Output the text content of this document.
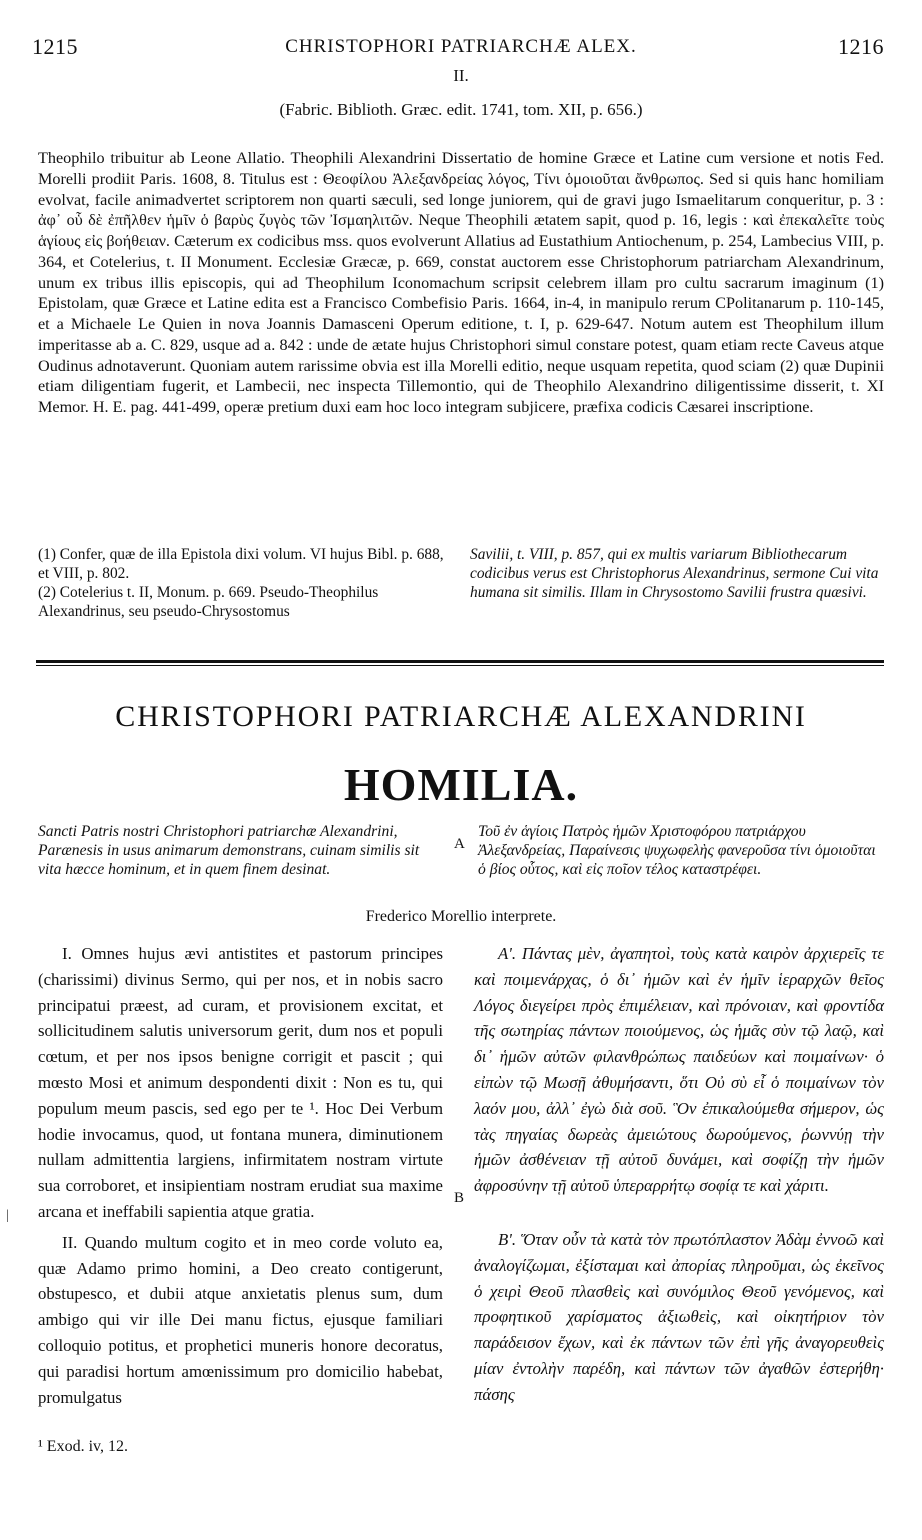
1215	CHRISTOPHORI PATRIARCHÆ ALEX.	1216
II.
(Fabric. Biblioth. Græc. edit. 1741, tom. XII, p. 656.)
Theophilo tribuitur ab Leone Allatio. Theophili Alexandrini Dissertatio de homine Græce et Latine cum versione et notis Fed. Morelli prodiit Paris. 1608, 8. Titulus est : Θεοφίλου Ἀλεξανδρείας λόγος, Τίνι ὁμοιοῦται ἄνθρωπος. Sed si quis hanc homiliam evolvat, facile animadvertet scriptorem non quarti sæculi, sed longe juniorem, qui de gravi jugo Ismaelitarum conqueritur, p. 3 : ἀφ᾽ οὗ δὲ ἐπῆλθεν ἡμῖν ὁ βαρὺς ζυγὸς τῶν Ἰσμαηλιτῶν. Neque Theophili ætatem sapit, quod p. 16, legis : καὶ ἐπεκαλεῖτε τοὺς ἁγίους εἰς βοήθειαν. Cæterum ex codicibus mss. quos evolverunt Allatius ad Eustathium Antiochenum, p. 254, Lambecius VIII, p. 364, et Cotelerius, t. II Monument. Ecclesiæ Græcæ, p. 669, constat auctorem esse Christophorum patriarcham Alexandrinum, unum ex tribus illis episcopis, qui ad Theophilum Iconomachum scripsit celebrem illam pro cultu sacrarum imaginum (1) Epistolam, quæ Græce et Latine edita est a Francisco Combefisio Paris. 1664, in-4, in manipulo rerum CPolitanarum p. 110-145, et a Michaele Le Quien in nova Joannis Damasceni Operum editione, t. I, p. 629-647. Notum autem est Theophilum illum imperitasse ab a. C. 829, usque ad a. 842 : unde de ætate hujus Christophori simul constare potest, quam etiam recte Caveus atque Oudinus adnotaverunt. Quoniam autem rarissime obvia est illa Morelli editio, neque usquam repetita, quod sciam (2) quæ Dupinii etiam diligentiam fugerit, et Lambecii, nec inspecta Tillemontio, qui de Theophilo Alexandrino diligentissime disserit, t. XI Memor. H. E. pag. 441-499, operæ pretium duxi eam hoc loco integram subjicere, præfixa codicis Cæsarei inscriptione.
(1) Confer, quæ de illa Epistola dixi volum. VI hujus Bibl. p. 688, et VIII, p. 802.
(2) Cotelerius t. II, Monum. p. 669. Pseudo-Theophilus Alexandrinus, seu pseudo-Chrysostomus
Savilii, t. VIII, p. 857, qui ex multis variarum Bibliothecarum codicibus verus est Christophorus Alexandrinus, sermone Cui vita humana sit similis. Illam in Chrysostomo Savilii frustra quæsivi.
CHRISTOPHORI PATRIARCHÆ ALEXANDRINI
HOMILIA.
Sancti Patris nostri Christophori patriarchæ Alexandrini, Parænesis in usus animarum demonstrans, cuinam similis sit vita hæcce hominum, et in quem finem desinat.
A
Τοῦ ἐν ἁγίοις Πατρὸς ἡμῶν Χριστοφόρου πατριάρχου Ἀλεξανδρείας, Παραίνεσις ψυχωφελὴς φανεροῦσα τίνι ὁμοιοῦται ὁ βίος οὗτος, καὶ εἰς ποῖον τέλος καταστρέφει.
Frederico Morellio interprete.

I. Omnes hujus ævi antistites et pastorum principes (charissimi) divinus Sermo, qui per nos, et in nobis sacro principatui præest, ad curam, et provisionem excitat, et sollicitudinem salutis universorum gerit, dum nos et populi cœtum, et per nos ipsos benigne corrigit et pascit ; qui mœsto Mosi et animum despondenti dixit : Non es tu, qui populum meum pascis, sed ego per te ¹. Hoc Dei Verbum hodie invocamus, quod, ut fontana munera, diminutionem nullam admittentia largiens, infirmitatem nostram virtute sua corroboret, et insipientiam nostram erudiat sua maxime arcana et ineffabili sapientia atque gratia.

II. Quando multum cogito et in meo corde voluto ea, quæ Adamo primo homini, a Deo creato contigerunt, obstupesco, et dubii atque anxietatis plenus sum, dum ambigo qui vir ille Dei manu fictus, ejusque familiari colloquio potitus, et prophetici muneris honore decoratus, qui paradisi hortum amœnissimum pro domicilio habebat, promulgatus

B
|

Α'. Πάντας μὲν, ἀγαπητοὶ, τοὺς κατὰ καιρὸν ἀρχιερεῖς τε καὶ ποιμενάρχας, ὁ δι᾽ ἡμῶν καὶ ἐν ἡμῖν ἱεραρχῶν θεῖος Λόγος διεγείρει πρὸς ἐπιμέλειαν, καὶ πρόνοιαν, καὶ φροντίδα τῆς σωτηρίας πάντων ποιούμενος, ὡς ἡμᾶς σὺν τῷ λαῷ, καὶ δι᾽ ἡμῶν αὐτῶν φιλανθρώπως παιδεύων καὶ ποιμαίνων· ὁ εἰπὼν τῷ Μωσῇ ἀθυμήσαντι, ὅτι Οὐ σὺ εἶ ὁ ποιμαίνων τὸν λαόν μου, ἀλλ᾽ ἐγὼ διὰ σοῦ. Ὃν ἐπικαλούμεθα σήμερον, ὡς τὰς πηγαίας δωρεὰς ἀμειώτους δωρούμενος, ῥωννύῃ τὴν ἡμῶν ἀσθένειαν τῇ αὐτοῦ δυνάμει, καὶ σοφίζῃ τὴν ἡμῶν ἀφροσύνην τῇ αὐτοῦ ὑπεραρρήτῳ σοφίᾳ τε καὶ χάριτι.

Β'. Ὅταν οὖν τὰ κατὰ τὸν πρωτόπλαστον Ἀδὰμ ἐννοῶ καὶ ἀναλογίζωμαι, ἐξίσταμαι καὶ ἀπορίας πληροῦμαι, ὡς ἐκεῖνος ὁ χειρὶ Θεοῦ πλασθεὶς καὶ συνόμιλος Θεοῦ γενόμενος, καὶ προφητικοῦ χαρίσματος ἀξιωθεὶς, καὶ οἰκητήριον τὸν παράδεισον ἔχων, καὶ ἐκ πάντων τῶν ἐπὶ γῆς ἀναγορευθεὶς μίαν ἐντολὴν παρέδη, καὶ πάντων τῶν ἀγαθῶν ἐστερήθη· πάσης

¹ Exod. iv, 12.
